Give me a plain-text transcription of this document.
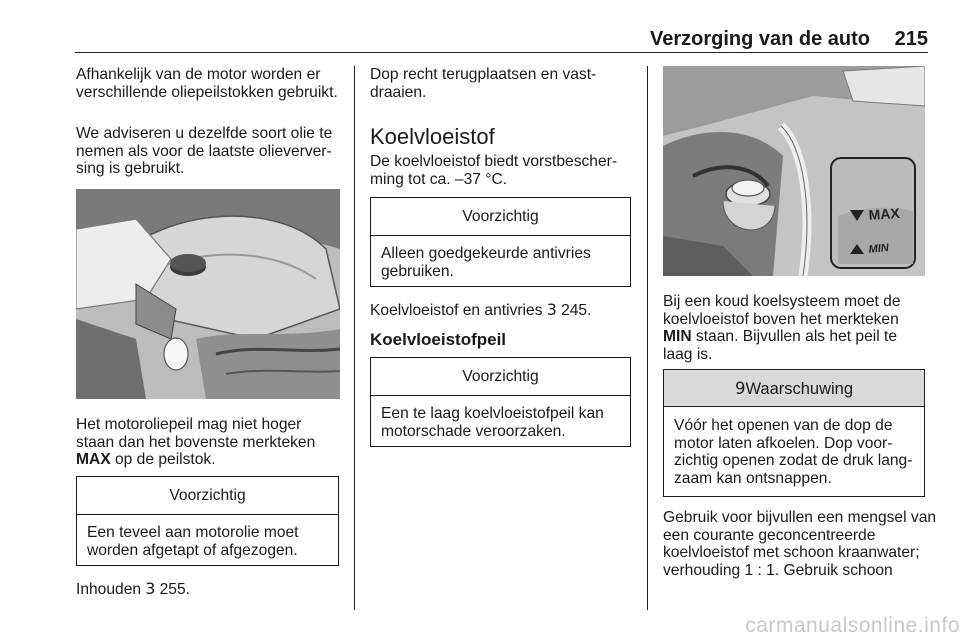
Verzorging van de auto	215

Afhankelijk van de motor worden er verschillende oliepeilstokken gebruikt.

We adviseren u dezelfde soort olie te nemen als voor de laatste olieverversing is gebruikt.

Het motoroliepeil mag niet hoger staan dan het bovenste merkteken MAX op de peilstok.

Voorzichtig
Een teveel aan motorolie moet worden afgetapt of afgezogen.

Inhouden 3 255.

Dop recht terugplaatsen en vastdraaien.

Koelvloeistof

De koelvloeistof biedt vorstbescherming tot ca. –37 °C.

Voorzichtig
Alleen goedgekeurde antivries gebruiken.

Koelvloeistof en antivries 3 245.

Koelvloeistofpeil
Voorzichtig
Een te laag koelvloeistofpeil kan motorschade veroorzaken.
MAX
MIN

Bij een koud koelsysteem moet de koelvloeistof boven het merkteken MIN staan. Bijvullen als het peil te laag is.

9Waarschuwing
Vóór het openen van de dop de motor laten afkoelen. Dop voorzichtig openen zodat de druk langzaam kan ontsnappen.

Gebruik voor bijvullen een mengsel van een courante geconcentreerde koelvloeistof met schoon kraanwater; verhouding 1 : 1. Gebruik schoon

carmanualsonline.info
